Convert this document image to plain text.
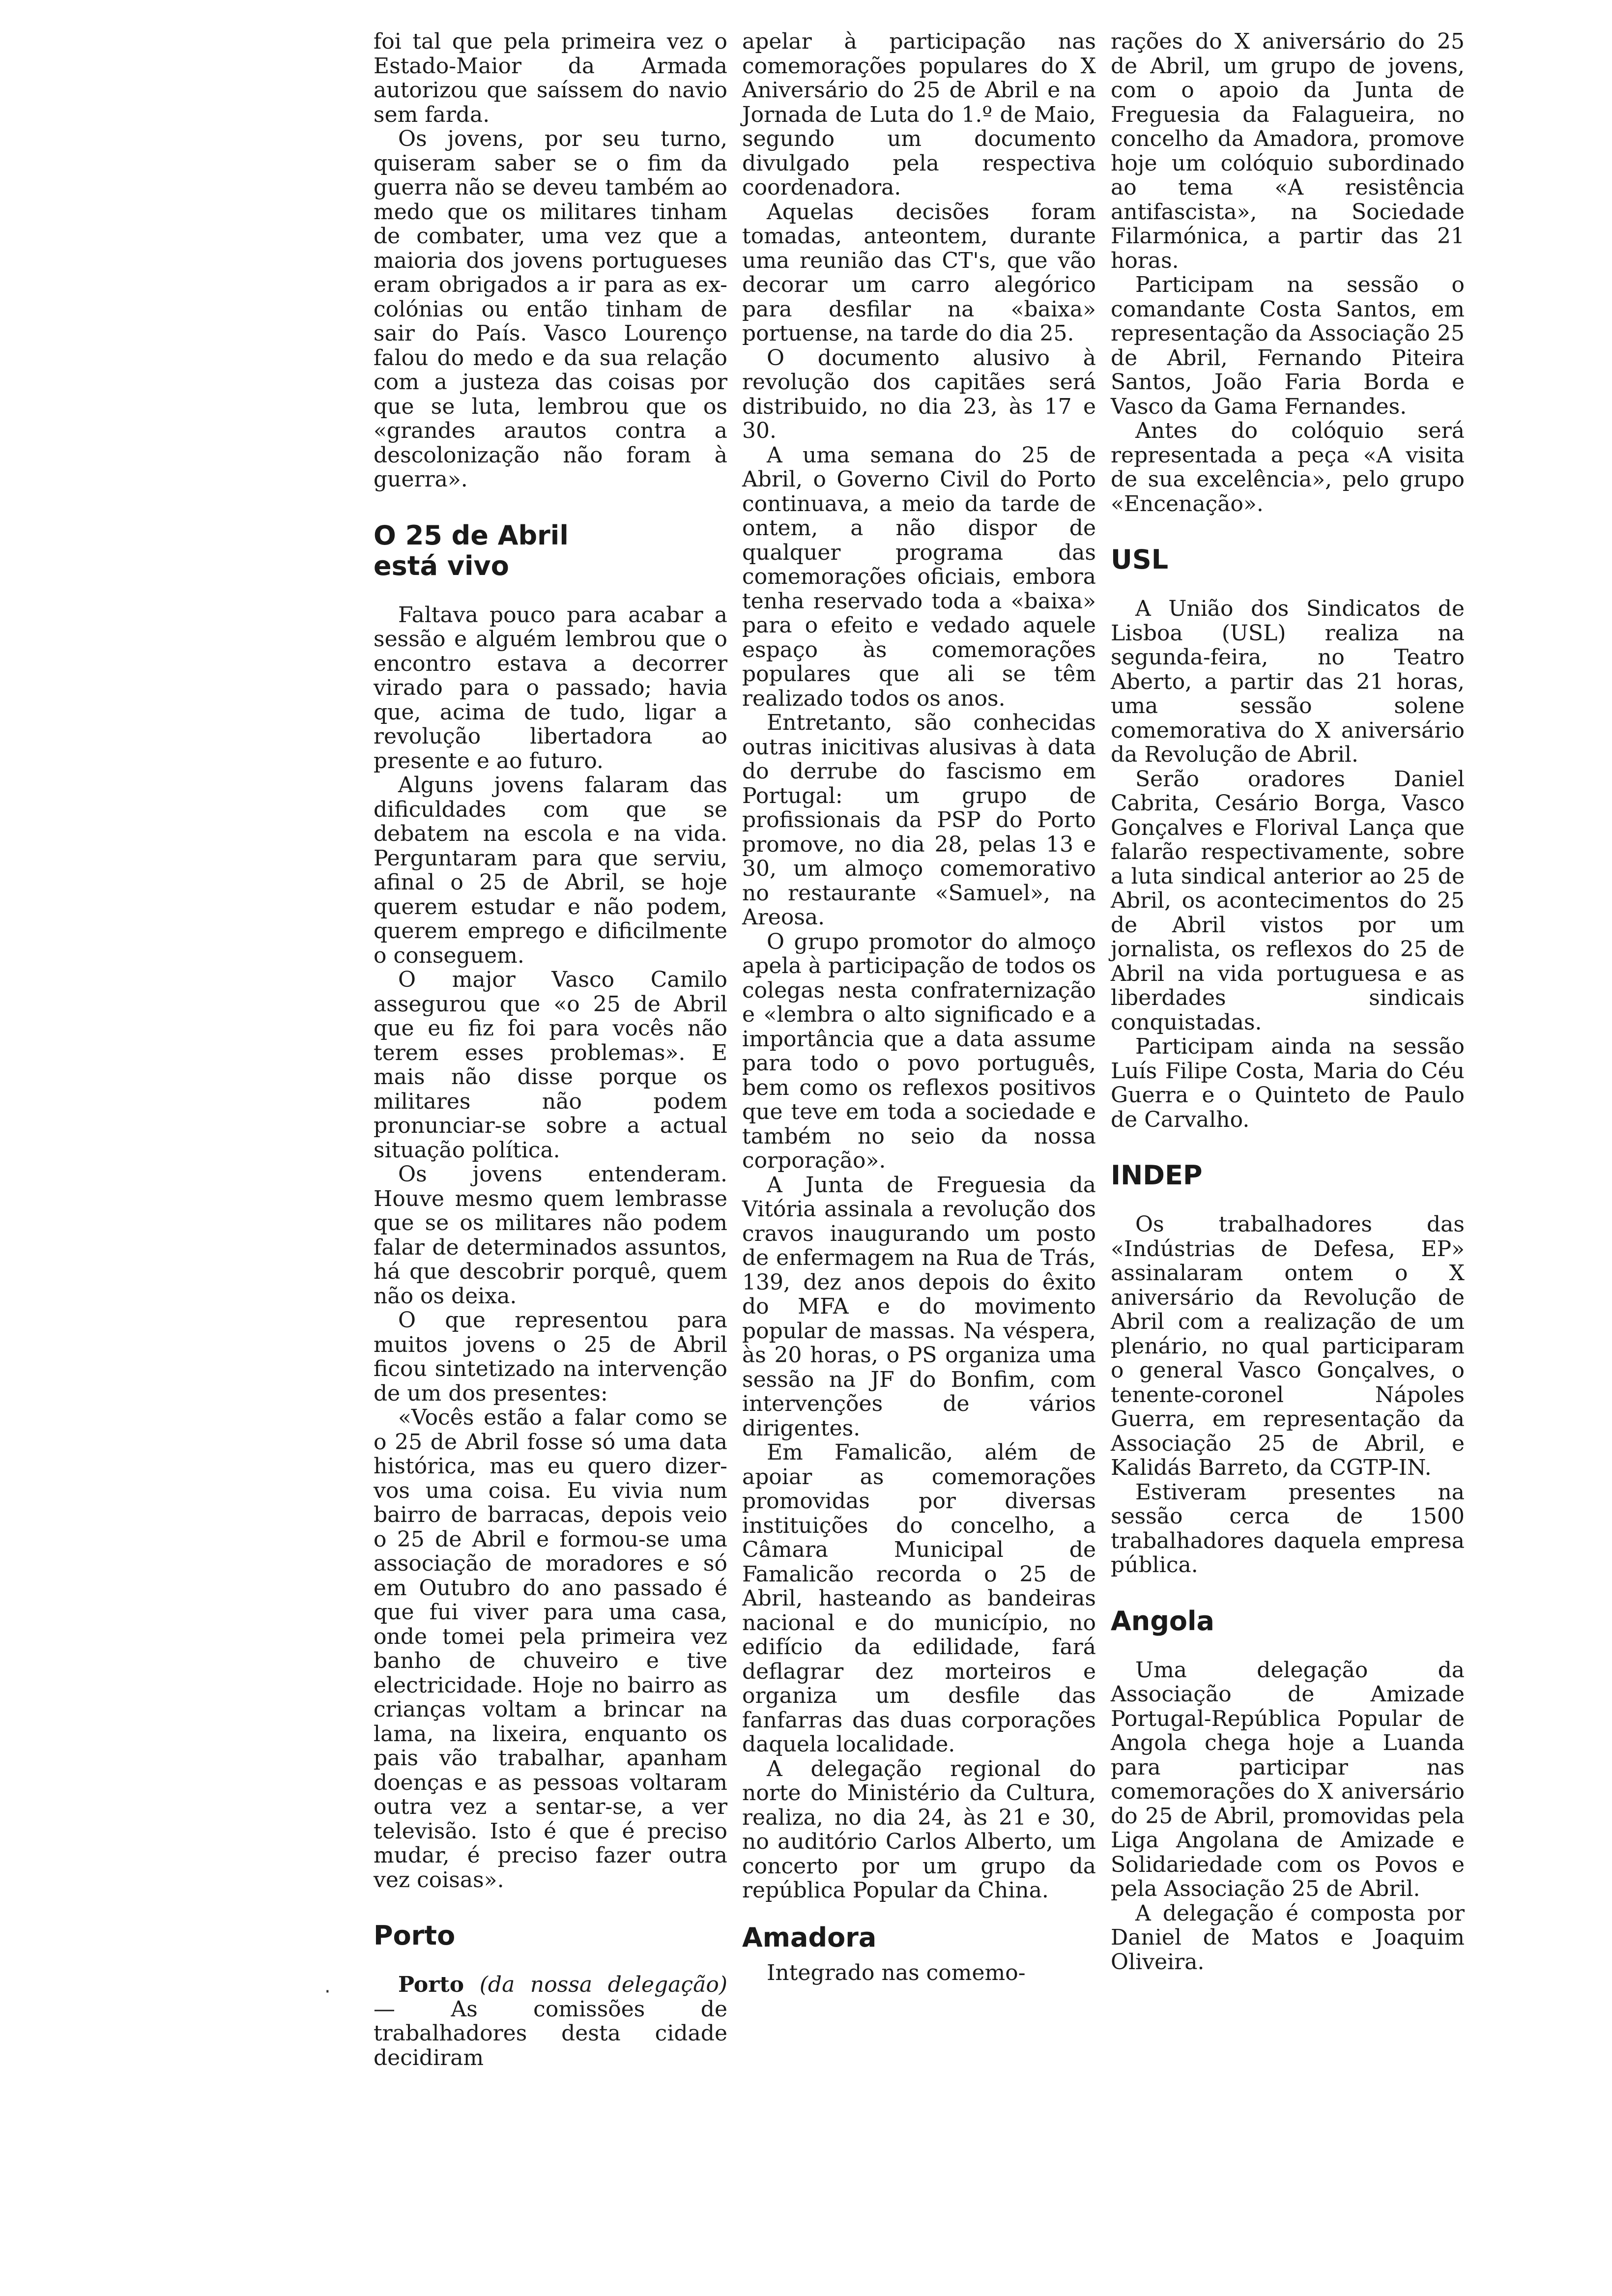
foi tal que pela primeira vez o Estado-Maior da Armada autorizou que saíssem do navio sem farda.

Os jovens, por seu turno, quiseram saber se o fim da guerra não se deveu também ao medo que os militares tinham de combater, uma vez que a maioria dos jovens portugueses eram obrigados a ir para as ex-colónias ou então tinham de sair do País. Vasco Lourenço falou do medo e da sua relação com a justeza das coisas por que se luta, lembrou que os «grandes arautos contra a descolonização não foram à guerra».

O 25 de Abril
está vivo

Faltava pouco para acabar a sessão e alguém lembrou que o encontro estava a decorrer virado para o passado; havia que, acima de tudo, ligar a revolução libertadora ao presente e ao futuro.

Alguns jovens falaram das dificuldades com que se debatem na escola e na vida. Perguntaram para que serviu, afinal o 25 de Abril, se hoje querem estudar e não podem, querem emprego e dificilmente o conseguem.

O major Vasco Camilo assegurou que «o 25 de Abril que eu fiz foi para vocês não terem esses problemas». E mais não disse porque os militares não podem pronunciar-se sobre a actual situação política.

Os jovens entenderam. Houve mesmo quem lembrasse que se os militares não podem falar de determinados assuntos, há que descobrir porquê, quem não os deixa.

O que representou para muitos jovens o 25 de Abril ficou sintetizado na intervenção de um dos presentes:

«Vocês estão a falar como se o 25 de Abril fosse só uma data histórica, mas eu quero dizer-vos uma coisa. Eu vivia num bairro de barracas, depois veio o 25 de Abril e formou-se uma associação de moradores e só em Outubro do ano passado é que fui viver para uma casa, onde tomei pela primeira vez banho de chuveiro e tive electricidade. Hoje no bairro as crianças voltam a brincar na lama, na lixeira, enquanto os pais vão trabalhar, apanham doenças e as pessoas voltaram outra vez a sentar-se, a ver televisão. Isto é que é preciso mudar, é preciso fazer outra vez coisas».

Porto

Porto (da nossa delegação) — As comissões de trabalhadores desta cidade decidiram

apelar à participação nas comemorações populares do X Aniversário do 25 de Abril e na Jornada de Luta do 1.º de Maio, segundo um documento divulgado pela respectiva coordenadora.

Aquelas decisões foram tomadas, anteontem, durante uma reunião das CT's, que vão decorar um carro alegórico para desfilar na «baixa» portuense, na tarde do dia 25.

O documento alusivo à revolução dos capitães será distribuido, no dia 23, às 17 e 30.

A uma semana do 25 de Abril, o Governo Civil do Porto continuava, a meio da tarde de ontem, a não dispor de qualquer programa das comemorações oficiais, embora tenha reservado toda a «baixa» para o efeito e vedado aquele espaço às comemorações populares que ali se têm realizado todos os anos.

Entretanto, são conhecidas outras inicitivas alusivas à data do derrube do fascismo em Portugal: um grupo de profissionais da PSP do Porto promove, no dia 28, pelas 13 e 30, um almoço comemorativo no restaurante «Samuel», na Areosa.

O grupo promotor do almoço apela à participação de todos os colegas nesta confraternização e «lembra o alto significado e a importância que a data assume para todo o povo português, bem como os reflexos positivos que teve em toda a sociedade e também no seio da nossa corporação».

A Junta de Freguesia da Vitória assinala a revolução dos cravos inaugurando um posto de enfermagem na Rua de Trás, 139, dez anos depois do êxito do MFA e do movimento popular de massas. Na véspera, às 20 horas, o PS organiza uma sessão na JF do Bonfim, com intervenções de vários dirigentes.

Em Famalicão, além de apoiar as comemorações promovidas por diversas instituições do concelho, a Câmara Municipal de Famalicão recorda o 25 de Abril, hasteando as bandeiras nacional e do município, no edifício da edilidade, fará deflagrar dez morteiros e organiza um desfile das fanfarras das duas corporações daquela localidade.

A delegação regional do norte do Ministério da Cultura, realiza, no dia 24, às 21 e 30, no auditório Carlos Alberto, um concerto por um grupo da república Popular da China.

Amadora

Integrado nas comemo-

rações do X aniversário do 25 de Abril, um grupo de jovens, com o apoio da Junta de Freguesia da Falagueira, no concelho da Amadora, promove hoje um colóquio subordinado ao tema «A resistência antifascista», na Sociedade Filarmónica, a partir das 21 horas.

Participam na sessão o comandante Costa Santos, em representação da Associação 25 de Abril, Fernando Piteira Santos, João Faria Borda e Vasco da Gama Fernandes.

Antes do colóquio será representada a peça «A visita de sua excelência», pelo grupo «Encenação».

USL

A União dos Sindicatos de Lisboa (USL) realiza na segunda-feira, no Teatro Aberto, a partir das 21 horas, uma sessão solene comemorativa do X aniversário da Revolução de Abril.

Serão oradores Daniel Cabrita, Cesário Borga, Vasco Gonçalves e Florival Lança que falarão respectivamente, sobre a luta sindical anterior ao 25 de Abril, os acontecimentos do 25 de Abril vistos por um jornalista, os reflexos do 25 de Abril na vida portuguesa e as liberdades sindicais conquistadas.

Participam ainda na sessão Luís Filipe Costa, Maria do Céu Guerra e o Quinteto de Paulo de Carvalho.

INDEP

Os trabalhadores das «Indústrias de Defesa, EP» assinalaram ontem o X aniversário da Revolução de Abril com a realização de um plenário, no qual participaram o general Vasco Gonçalves, o tenente-coronel Nápoles Guerra, em representação da Associação 25 de Abril, e Kalidás Barreto, da CGTP-IN.

Estiveram presentes na sessão cerca de 1500 trabalhadores daquela empresa pública.

Angola

Uma delegação da Associação de Amizade Portugal-República Popular de Angola chega hoje a Luanda para participar nas comemorações do X aniversário do 25 de Abril, promovidas pela Liga Angolana de Amizade e Solidariedade com os Povos e pela Associação 25 de Abril.

A delegação é composta por Daniel de Matos e Joaquim Oliveira.

·
